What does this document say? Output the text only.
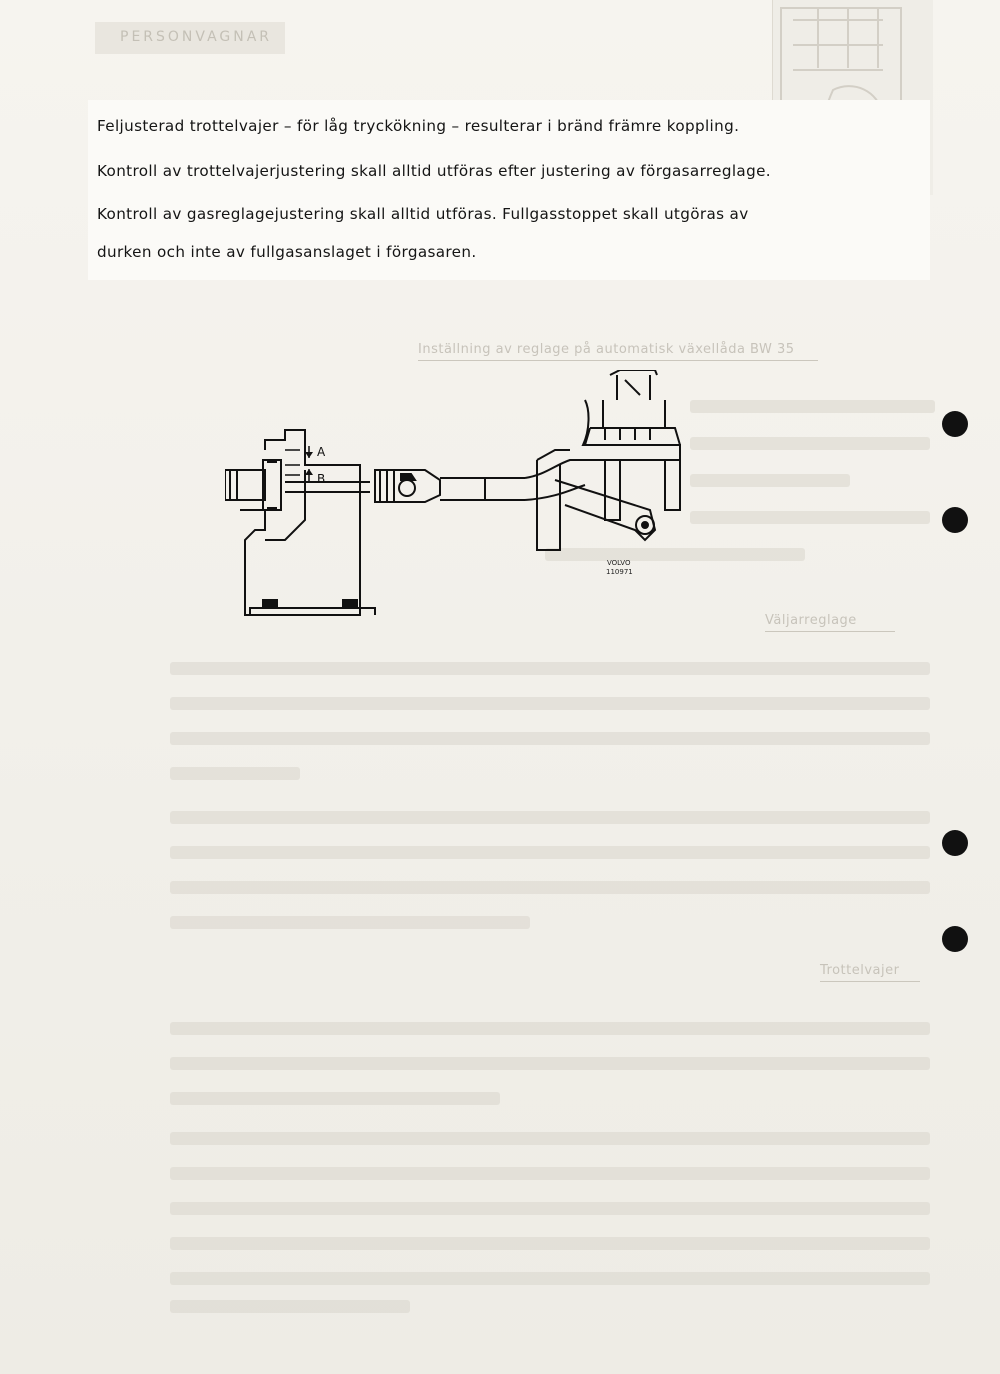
PERSONVAGNAR
Feljusterad trottelvajer – för låg tryckökning – resulterar i bränd främre koppling.
Kontroll av trottelvajerjustering skall alltid utföras efter justering av förgasarreglage.
Kontroll av gasreglagejustering skall alltid utföras. Fullgasstoppet skall utgöras av
durken och inte av fullgasanslaget i förgasaren.
Inställning av reglage på automatisk växellåda BW 35
Väljarreglage
Trottelvajer
A
B
VOLVO
110971
